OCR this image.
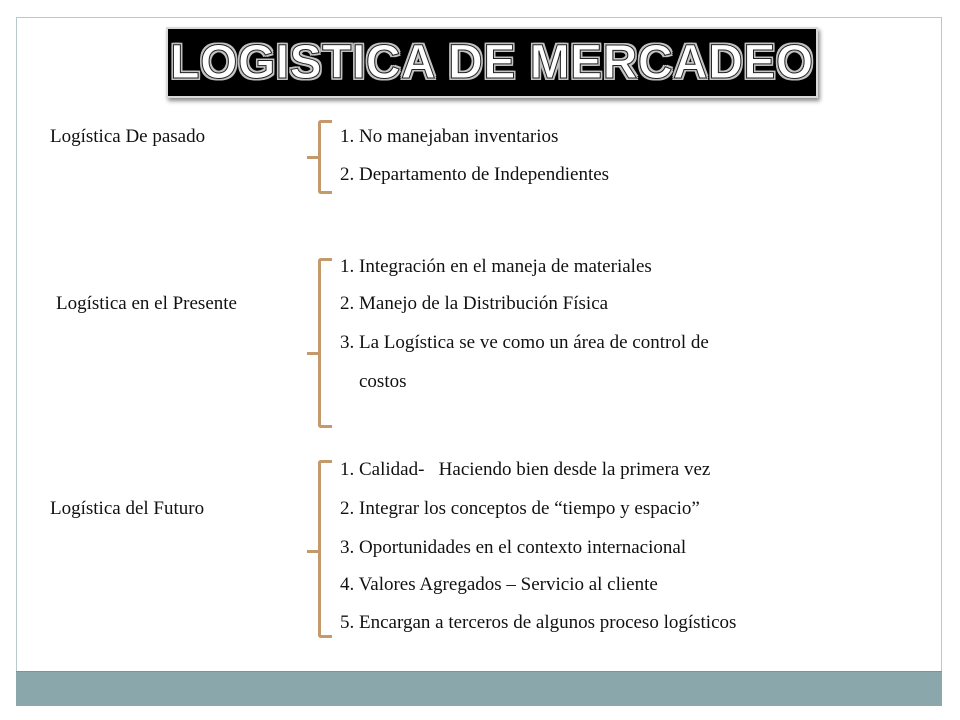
LOGISTICA DE MERCADEO
Logística De pasado	1. No manejaban inventarios
2. Departamento de Independientes
Logística en el Presente
1. Integración en el maneja de materiales
2. Manejo de la Distribución Física
3. La Logística se ve como un área de control de
costos
Logística del Futuro
1. Calidad-   Haciendo bien desde la primera vez
2. Integrar los conceptos de “tiempo y espacio”
3. Oportunidades en el contexto internacional
4. Valores Agregados – Servicio al cliente
5. Encargan a terceros de algunos proceso logísticos
